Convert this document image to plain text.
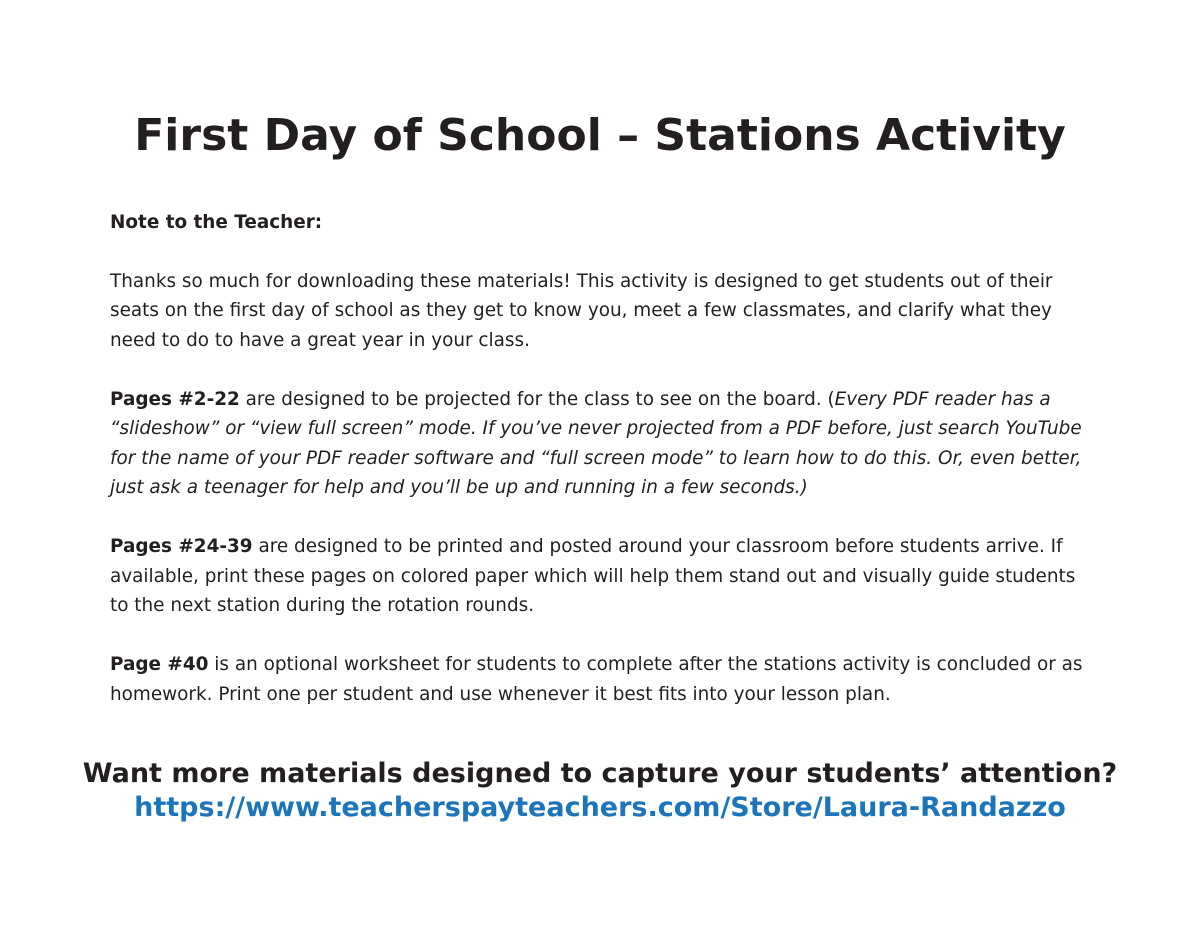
First Day of School – Stations Activity

Note to the Teacher:

Thanks so much for downloading these materials! This activity is designed to get students out of their seats on the first day of school as they get to know you, meet a few classmates, and clarify what they need to do to have a great year in your class.

Pages #2-22 are designed to be projected for the class to see on the board. (Every PDF reader has a “slideshow” or “view full screen” mode. If you’ve never projected from a PDF before, just search YouTube for the name of your PDF reader software and “full screen mode” to learn how to do this. Or, even better, just ask a teenager for help and you’ll be up and running in a few seconds.)

Pages #24-39 are designed to be printed and posted around your classroom before students arrive. If available, print these pages on colored paper which will help them stand out and visually guide students to the next station during the rotation rounds.

Page #40 is an optional worksheet for students to complete after the stations activity is concluded or as homework. Print one per student and use whenever it best fits into your lesson plan.

Want more materials designed to capture your students’ attention?
https://www.teacherspayteachers.com/Store/Laura-Randazzo
